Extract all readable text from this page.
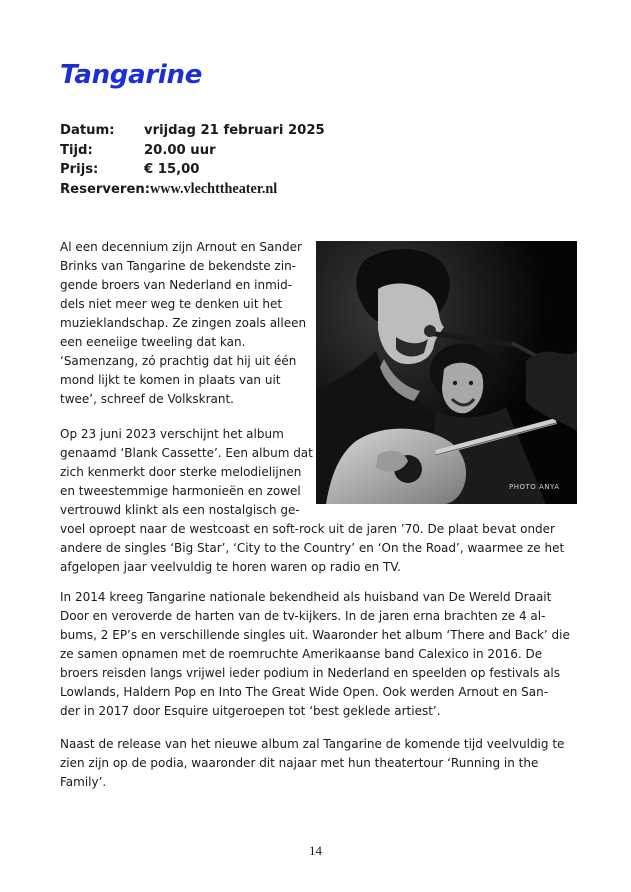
Tangarine
Datum:	vrijdag 21 februari 2025
Tijd:	20.00 uur
Prijs:	€ 15,00
Reserveren: www.vlechttheater.nl
PHOTO ANYA

Al een decennium zijn Arnout en Sander
Brinks van Tangarine de bekendste zin-
gende broers van Nederland en inmid-
dels niet meer weg te denken uit het
muzieklandschap. Ze zingen zoals alleen
een eeneiige tweeling dat kan.
‘Samenzang, zó prachtig dat hij uit één
mond lijkt te komen in plaats van uit
twee’, schreef de Volkskrant.

Op 23 juni 2023 verschijnt het album
genaamd ‘Blank Cassette’. Een album dat
zich kenmerkt door sterke melodielijnen
en tweestemmige harmonieën en zowel
vertrouwd klinkt als een nostalgisch ge-
voel oproept naar de westcoast en soft-rock uit de jaren ’70. De plaat bevat onder
andere de singles ‘Big Star’, ‘City to the Country’ en ‘On the Road’, waarmee ze het
afgelopen jaar veelvuldig te horen waren op radio en TV.

In 2014 kreeg Tangarine nationale bekendheid als huisband van De Wereld Draait
Door en veroverde de harten van de tv-kijkers. In de jaren erna brachten ze 4 al-
bums, 2 EP’s en verschillende singles uit. Waaronder het album ‘There and Back’ die
ze samen opnamen met de roemruchte Amerikaanse band Calexico in 2016. De
broers reisden langs vrijwel ieder podium in Nederland en speelden op festivals als
Lowlands, Haldern Pop en Into The Great Wide Open. Ook werden Arnout en San-
der in 2017 door Esquire uitgeroepen tot ‘best geklede artiest’.

Naast de release van het nieuwe album zal Tangarine de komende tijd veelvuldig te
zien zijn op de podia, waaronder dit najaar met hun theatertour ‘Running in the
Family’.

14
